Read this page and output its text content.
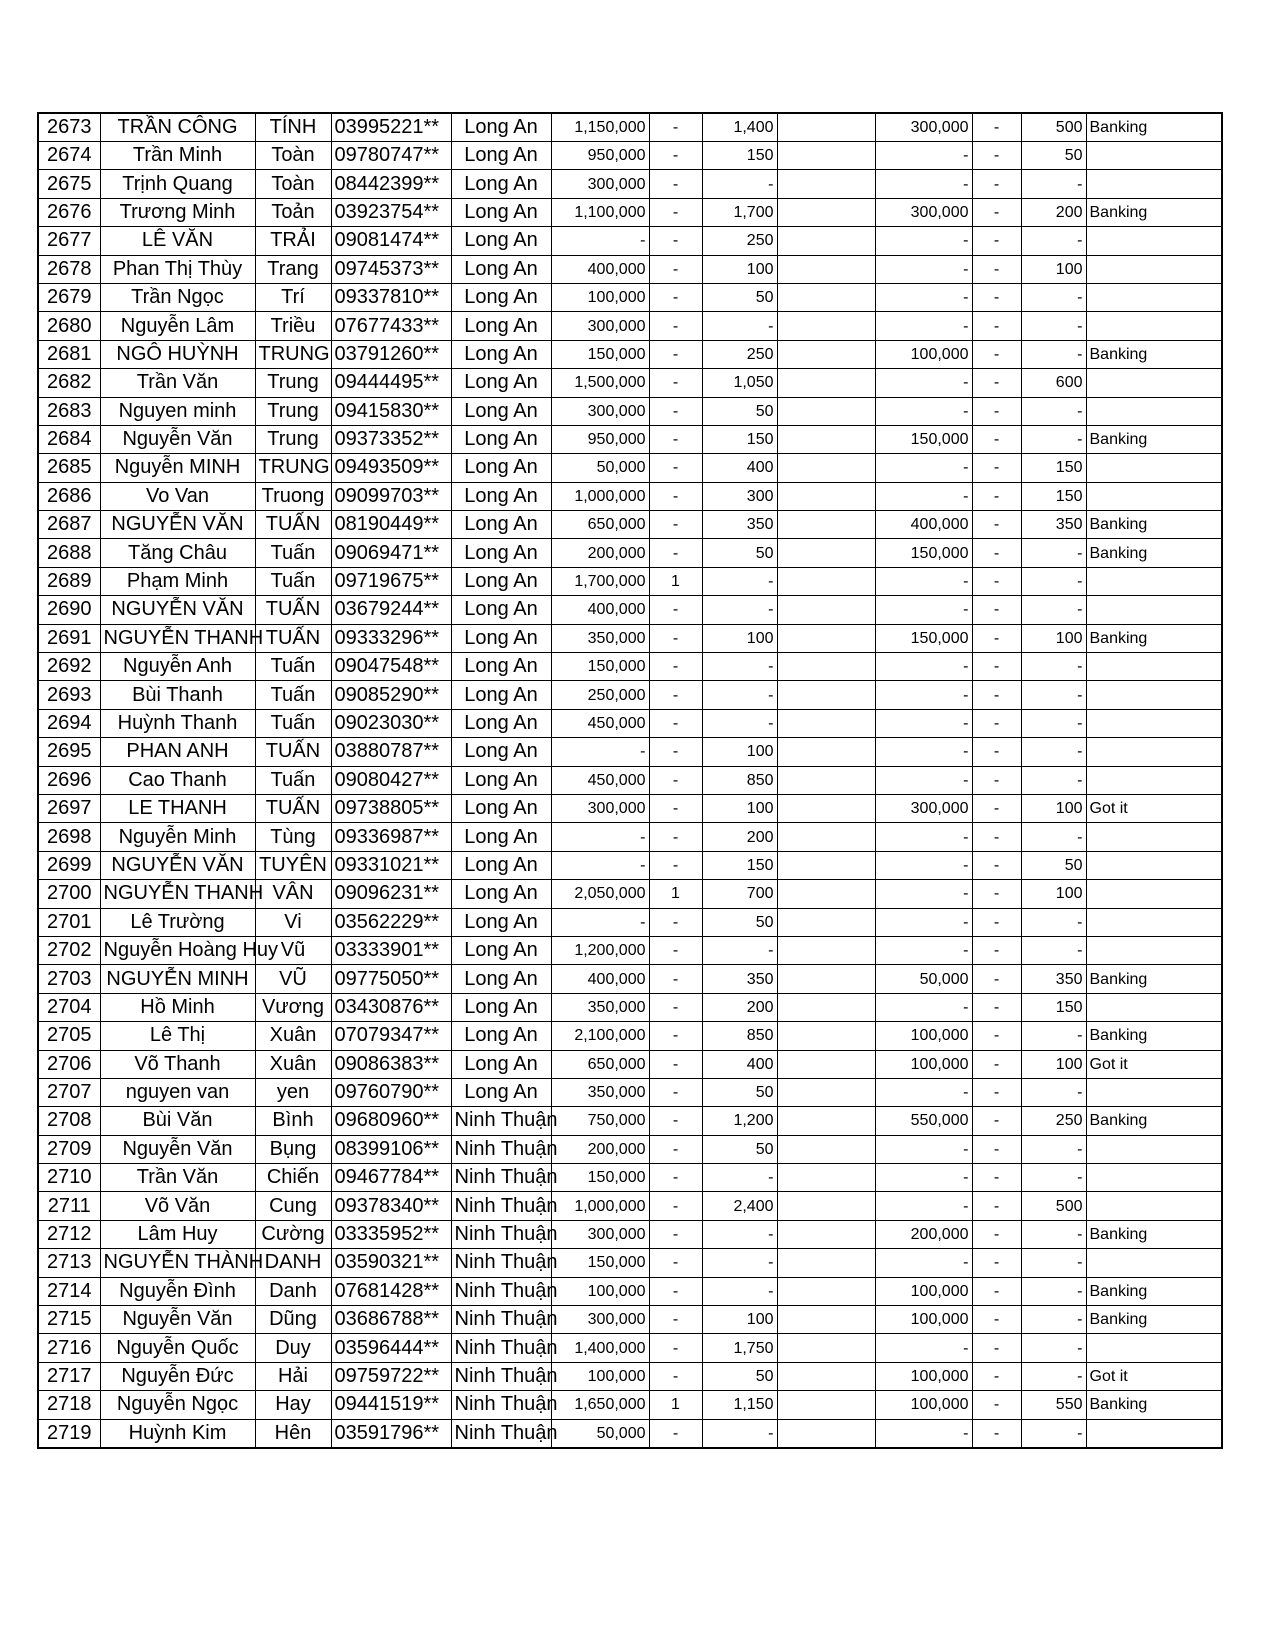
2673	TRẦN CÔNG	TÍNH	03995221**	Long An	1,150,000	-	1,400		300,000	-	500	Banking
2674	Trần Minh	Toàn	09780747**	Long An	950,000	-	150		-	-	50	
2675	Trịnh Quang	Toàn	08442399**	Long An	300,000	-	-		-	-	-	
2676	Trương Minh	Toản	03923754**	Long An	1,100,000	-	1,700		300,000	-	200	Banking
2677	LÊ VĂN	TRẢI	09081474**	Long An	-	-	250		-	-	-	
2678	Phan Thị Thùy	Trang	09745373**	Long An	400,000	-	100		-	-	100	
2679	Trần Ngọc	Trí	09337810**	Long An	100,000	-	50		-	-	-	
2680	Nguyễn Lâm	Triều	07677433**	Long An	300,000	-	-		-	-	-	
2681	NGÔ HUỲNH	TRUNG	03791260**	Long An	150,000	-	250		100,000	-	-	Banking
2682	Trần Văn	Trung	09444495**	Long An	1,500,000	-	1,050		-	-	600	
2683	Nguyen minh	Trung	09415830**	Long An	300,000	-	50		-	-	-	
2684	Nguyễn Văn	Trung	09373352**	Long An	950,000	-	150		150,000	-	-	Banking
2685	Nguyễn MINH	TRUNG	09493509**	Long An	50,000	-	400		-	-	150	
2686	Vo Van	Truong	09099703**	Long An	1,000,000	-	300		-	-	150	
2687	NGUYỄN VĂN	TUẤN	08190449**	Long An	650,000	-	350		400,000	-	350	Banking
2688	Tăng Châu	Tuấn	09069471**	Long An	200,000	-	50		150,000	-	-	Banking
2689	Phạm Minh	Tuấn	09719675**	Long An	1,700,000	1	-		-	-	-	
2690	NGUYỄN VĂN	TUẤN	03679244**	Long An	400,000	-	-		-	-	-	
2691	NGUYỄN THANH	TUẤN	09333296**	Long An	350,000	-	100		150,000	-	100	Banking
2692	Nguyễn Anh	Tuấn	09047548**	Long An	150,000	-	-		-	-	-	
2693	Bùi Thanh	Tuấn	09085290**	Long An	250,000	-	-		-	-	-	
2694	Huỳnh Thanh	Tuấn	09023030**	Long An	450,000	-	-		-	-	-	
2695	PHAN ANH	TUẤN	03880787**	Long An	-	-	100		-	-	-	
2696	Cao Thanh	Tuấn	09080427**	Long An	450,000	-	850		-	-	-	
2697	LE THANH	TUẤN	09738805**	Long An	300,000	-	100		300,000	-	100	Got it
2698	Nguyễn Minh	Tùng	09336987**	Long An	-	-	200		-	-	-	
2699	NGUYỄN VĂN	TUYÊN	09331021**	Long An	-	-	150		-	-	50	
2700	NGUYỄN THANH	VÂN	09096231**	Long An	2,050,000	1	700		-	-	100	
2701	Lê Trường	Vi	03562229**	Long An	-	-	50		-	-	-	
2702	Nguyễn Hoàng Huy	Vũ	03333901**	Long An	1,200,000	-	-		-	-	-	
2703	NGUYỄN MINH	VŨ	09775050**	Long An	400,000	-	350		50,000	-	350	Banking
2704	Hồ Minh	Vương	03430876**	Long An	350,000	-	200		-	-	150	
2705	Lê Thị	Xuân	07079347**	Long An	2,100,000	-	850		100,000	-	-	Banking
2706	Võ Thanh	Xuân	09086383**	Long An	650,000	-	400		100,000	-	100	Got it
2707	nguyen van	yen	09760790**	Long An	350,000	-	50		-	-	-	
2708	Bùi Văn	Bình	09680960**	Ninh Thuận	750,000	-	1,200		550,000	-	250	Banking
2709	Nguyễn Văn	Bụng	08399106**	Ninh Thuận	200,000	-	50		-	-	-	
2710	Trần Văn	Chiến	09467784**	Ninh Thuận	150,000	-	-		-	-	-	
2711	Võ Văn	Cung	09378340**	Ninh Thuận	1,000,000	-	2,400		-	-	500	
2712	Lâm Huy	Cường	03335952**	Ninh Thuận	300,000	-	-		200,000	-	-	Banking
2713	NGUYỄN THÀNH	DANH	03590321**	Ninh Thuận	150,000	-	-		-	-	-	
2714	Nguyễn Đình	Danh	07681428**	Ninh Thuận	100,000	-	-		100,000	-	-	Banking
2715	Nguyễn Văn	Dũng	03686788**	Ninh Thuận	300,000	-	100		100,000	-	-	Banking
2716	Nguyễn Quốc	Duy	03596444**	Ninh Thuận	1,400,000	-	1,750		-	-	-	
2717	Nguyễn Đức	Hải	09759722**	Ninh Thuận	100,000	-	50		100,000	-	-	Got it
2718	Nguyễn Ngọc	Hay	09441519**	Ninh Thuận	1,650,000	1	1,150		100,000	-	550	Banking
2719	Huỳnh Kim	Hên	03591796**	Ninh Thuận	50,000	-	-		-	-	-	
